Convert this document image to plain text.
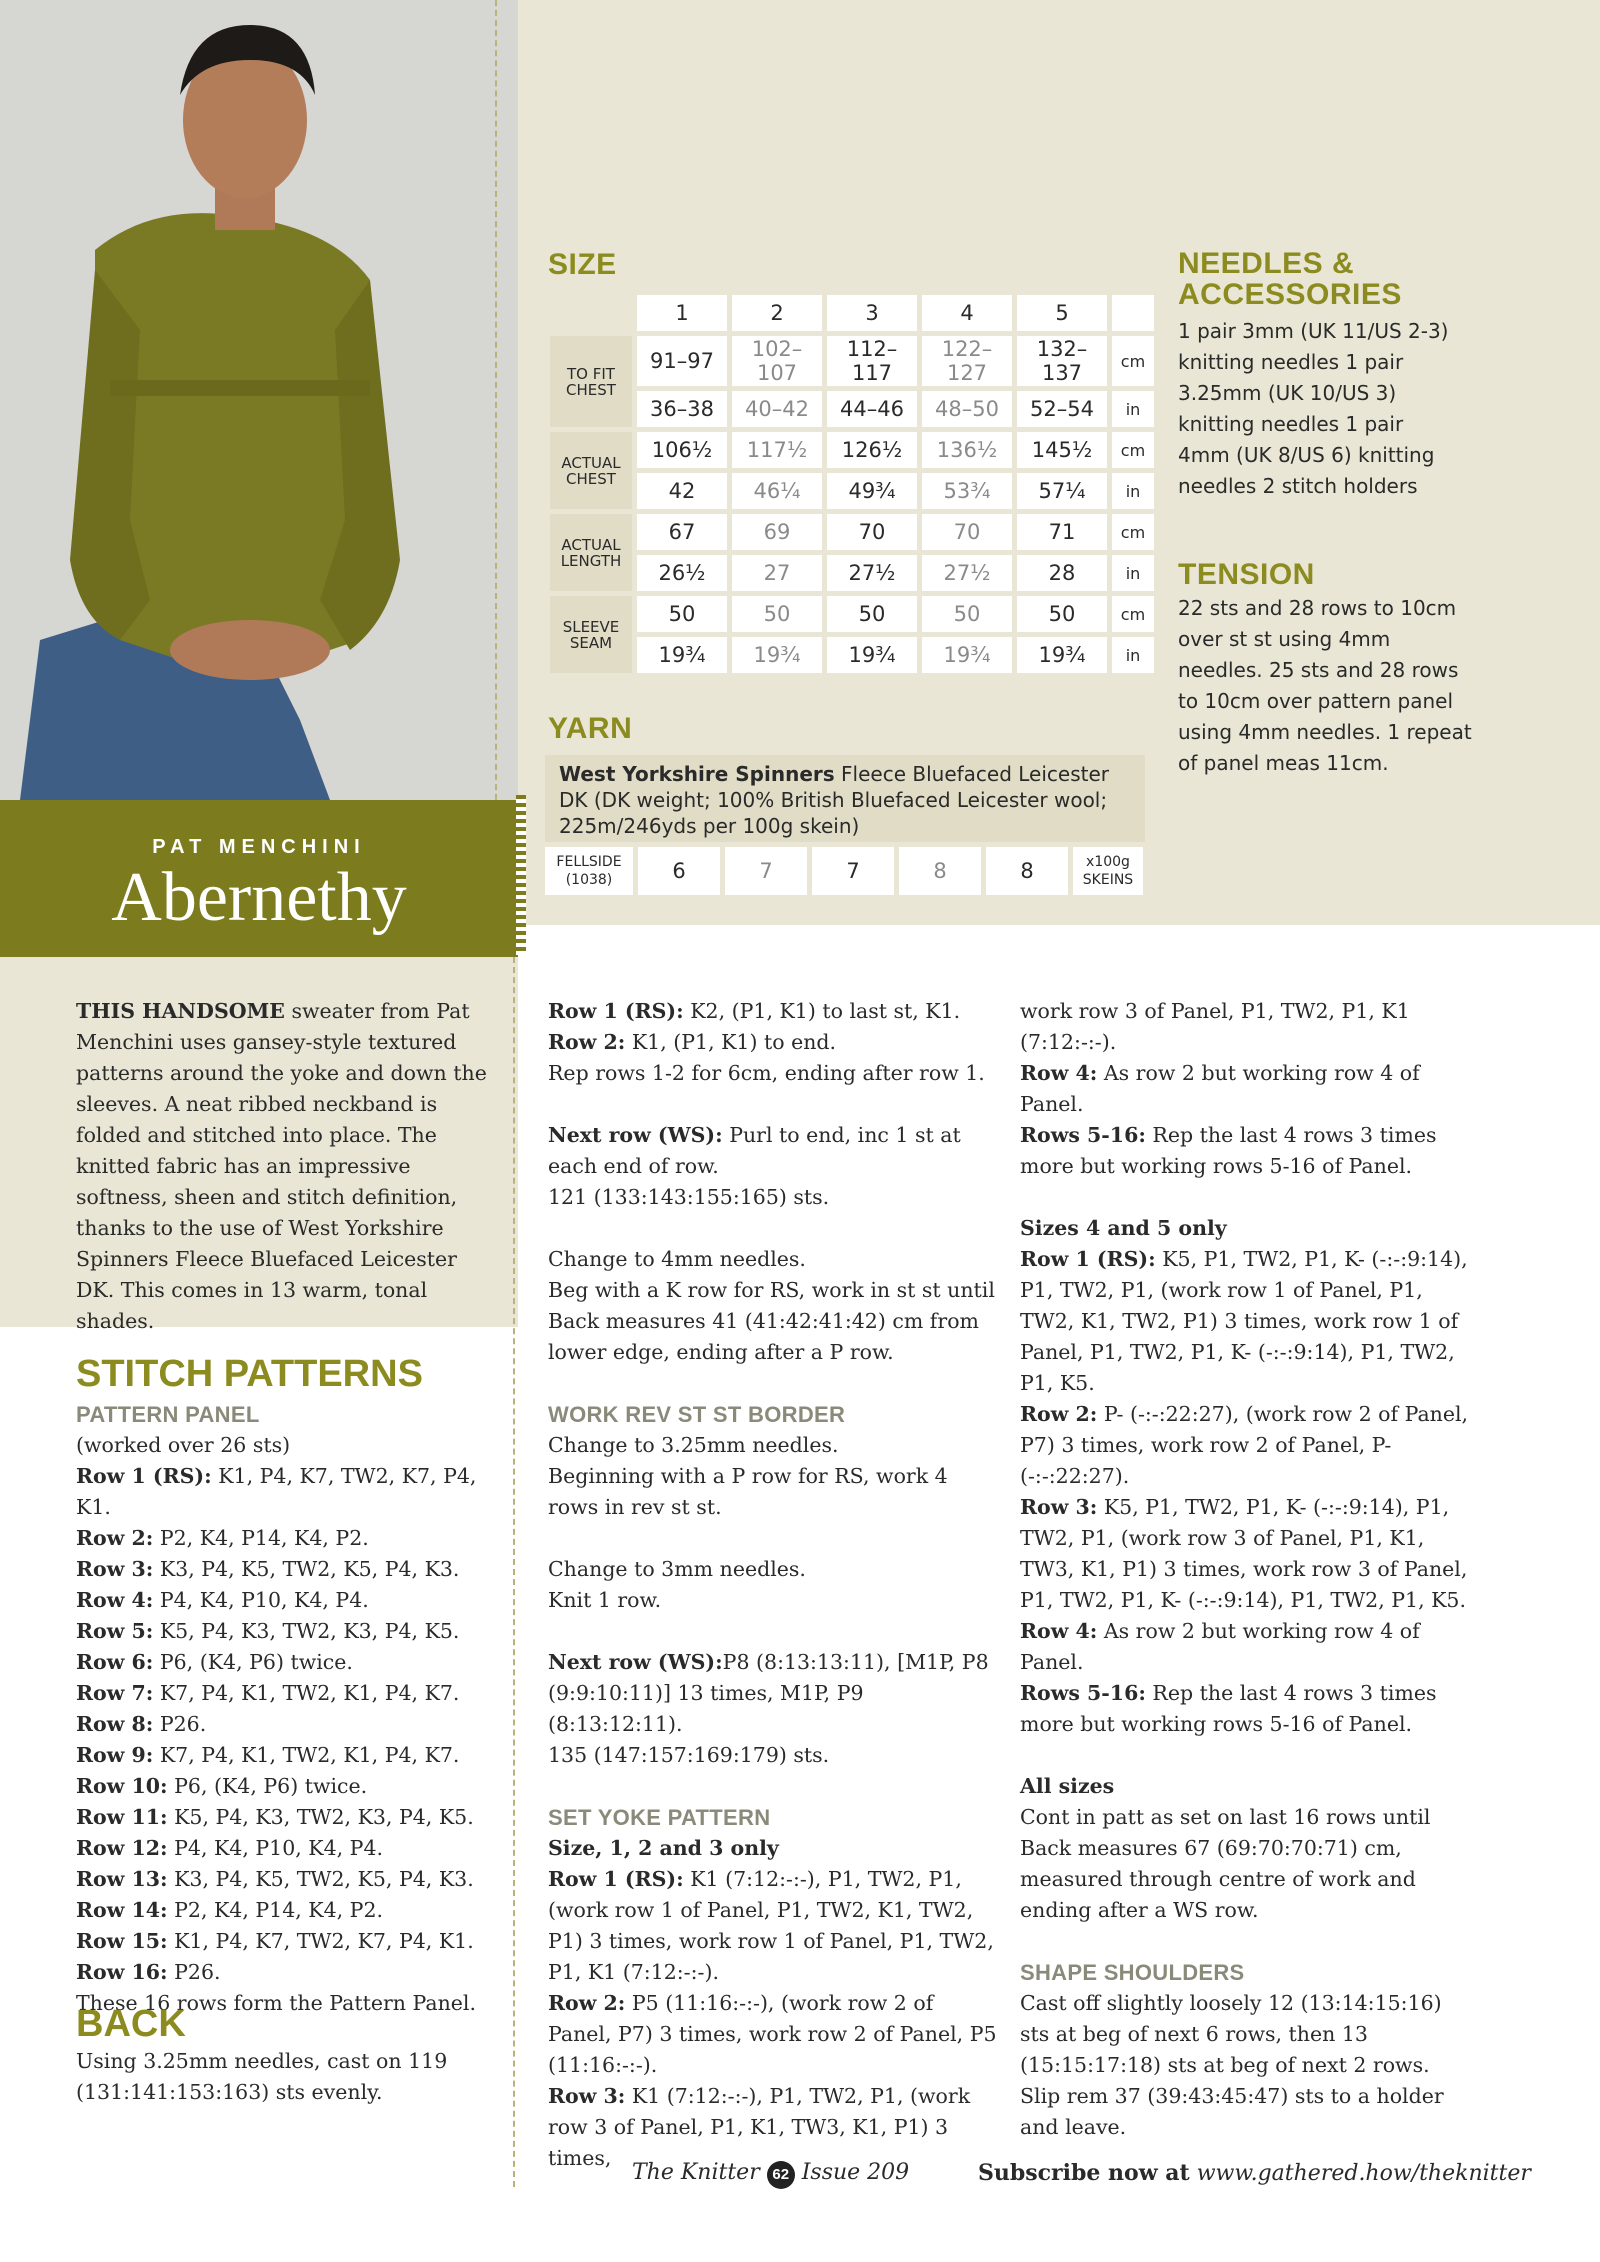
PAT MENCHINI
Abernethy
SIZE
	1	2	3	4	5	
TO FIT CHEST	91–97	102–107	112–117	122–127	132–137	cm
	36–38	40–42	44–46	48–50	52–54	in
ACTUAL CHEST	106½	117½	126½	136½	145½	cm
	42	46¼	49¾	53¾	57¼	in
ACTUAL LENGTH	67	69	70	70	71	cm
	26½	27	27½	27½	28	in
SLEEVE SEAM	50	50	50	50	50	cm
	19¾	19¾	19¾	19¾	19¾	in
YARN
West Yorkshire Spinners Fleece Bluefaced Leicester DK (DK weight; 100% British Bluefaced Leicester wool; 225m/246yds per 100g skein)
FELLSIDE (1038)	6	7	7	8	8	x100g SKEINS
NEEDLES & ACCESSORIES
1 pair 3mm (UK 11/US 2-3) knitting needles 1 pair 3.25mm (UK 10/US 3) knitting needles 1 pair 4mm (UK 8/US 6) knitting needles 2 stitch holders
TENSION
22 sts and 28 rows to 10cm over st st using 4mm needles. 25 sts and 28 rows to 10cm over pattern panel using 4mm needles. 1 repeat of panel meas 11cm.
THIS HANDSOME sweater from Pat Menchini uses gansey-style textured patterns around the yoke and down the sleeves. A neat ribbed neckband is folded and stitched into place. The knitted fabric has an impressive softness, sheen and stitch definition, thanks to the use of West Yorkshire Spinners Fleece Bluefaced Leicester DK. This comes in 13 warm, tonal shades.
STITCH PATTERNS

PATTERN PANEL

(worked over 26 sts)

Row 1 (RS): K1, P4, K7, TW2, K7, P4, K1.

Row 2: P2, K4, P14, K4, P2.

Row 3: K3, P4, K5, TW2, K5, P4, K3.

Row 4: P4, K4, P10, K4, P4.

Row 5: K5, P4, K3, TW2, K3, P4, K5.

Row 6: P6, (K4, P6) twice.

Row 7: K7, P4, K1, TW2, K1, P4, K7.

Row 8: P26.

Row 9: K7, P4, K1, TW2, K1, P4, K7.

Row 10: P6, (K4, P6) twice.

Row 11: K5, P4, K3, TW2, K3, P4, K5.

Row 12: P4, K4, P10, K4, P4.

Row 13: K3, P4, K5, TW2, K5, P4, K3.

Row 14: P2, K4, P14, K4, P2.

Row 15: K1, P4, K7, TW2, K7, P4, K1.

Row 16: P26.

These 16 rows form the Pattern Panel.

BACK
Using 3.25mm needles, cast on 119 (131:141:153:163) sts evenly.

Row 1 (RS): K2, (P1, K1) to last st, K1.

Row 2: K1, (P1, K1) to end.

Rep rows 1-2 for 6cm, ending after row 1.

Next row (WS): Purl to end, inc 1 st at each end of row.

121 (133:143:155:165) sts.

Change to 4mm needles.

Beg with a K row for RS, work in st st until Back measures 41 (41:42:41:42) cm from lower edge, ending after a P row.

WORK REV ST ST BORDER

Change to 3.25mm needles.

Beginning with a P row for RS, work 4 rows in rev st st.

Change to 3mm needles.

Knit 1 row.

Next row (WS):P8 (8:13:13:11), [M1P, P8 (9:9:10:11)] 13 times, M1P, P9 (8:13:12:11).

135 (147:157:169:179) sts.

SET YOKE PATTERN

Size, 1, 2 and 3 only

Row 1 (RS): K1 (7:12:-:-), P1, TW2, P1, (work row 1 of Panel, P1, TW2, K1, TW2, P1) 3 times, work row 1 of Panel, P1, TW2, P1, K1 (7:12:-:-).

Row 2: P5 (11:16:-:-), (work row 2 of Panel, P7) 3 times, work row 2 of Panel, P5 (11:16:-:-).

Row 3: K1 (7:12:-:-), P1, TW2, P1, (work row 3 of Panel, P1, K1, TW3, K1, P1) 3 times,

work row 3 of Panel, P1, TW2, P1, K1 (7:12:-:-).

Row 4: As row 2 but working row 4 of Panel.

Rows 5-16: Rep the last 4 rows 3 times more but working rows 5-16 of Panel.

Sizes 4 and 5 only

Row 1 (RS): K5, P1, TW2, P1, K- (-:-:9:14), P1, TW2, P1, (work row 1 of Panel, P1, TW2, K1, TW2, P1) 3 times, work row 1 of Panel, P1, TW2, P1, K- (-:-:9:14), P1, TW2, P1, K5.

Row 2: P- (-:-:22:27), (work row 2 of Panel, P7) 3 times, work row 2 of Panel, P- (-:-:22:27).

Row 3: K5, P1, TW2, P1, K- (-:-:9:14), P1, TW2, P1, (work row 3 of Panel, P1, K1, TW3, K1, P1) 3 times, work row 3 of Panel, P1, TW2, P1, K- (-:-:9:14), P1, TW2, P1, K5.

Row 4: As row 2 but working row 4 of Panel.

Rows 5-16: Rep the last 4 rows 3 times more but working rows 5-16 of Panel.

All sizes

Cont in patt as set on last 16 rows until Back measures 67 (69:70:70:71) cm, measured through centre of work and ending after a WS row.

SHAPE SHOULDERS

Cast off slightly loosely 12 (13:14:15:16) sts at beg of next 6 rows, then 13 (15:15:17:18) sts at beg of next 2 rows.

Slip rem 37 (39:43:45:47) sts to a holder and leave.

The Knitter 62 Issue 209	Subscribe now at www.gathered.how/theknitter
